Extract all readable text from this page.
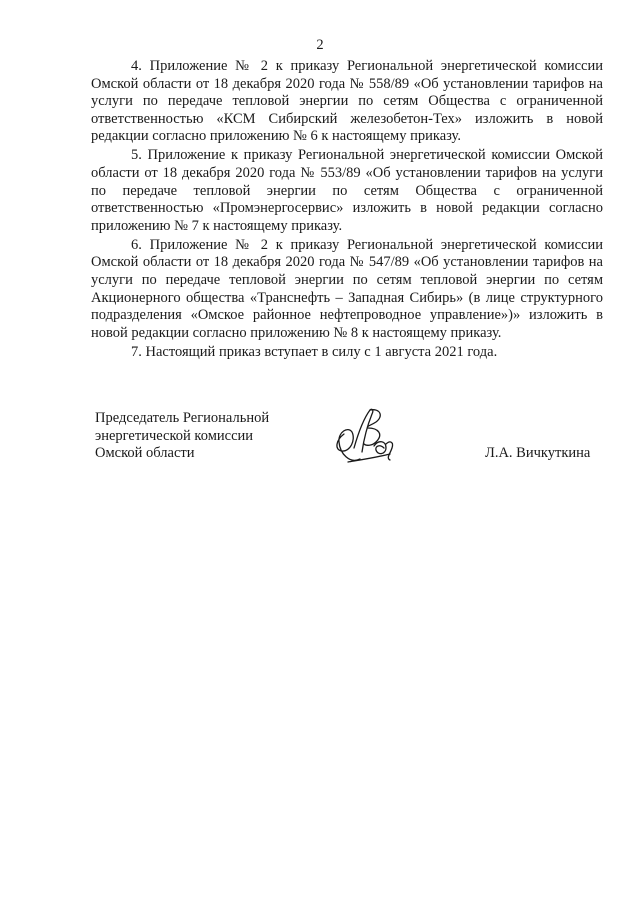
2

4. Приложение № 2 к приказу Региональной энергетической комиссии Омской области от 18 декабря 2020 года № 558/89 «Об установлении тарифов на услуги по передаче тепловой энергии по сетям Общества с ограниченной ответственностью «КСМ Сибирский железобетон-Тех» изложить в новой редакции согласно приложению № 6 к настоящему приказу.

5. Приложение к приказу Региональной энергетической комиссии Омской области от 18 декабря 2020 года № 553/89 «Об установлении тарифов на услуги по передаче тепловой энергии по сетям Общества с ограниченной ответственностью «Промэнергосервис» изложить в новой редакции согласно приложению № 7 к настоящему приказу.

6. Приложение № 2 к приказу Региональной энергетической комиссии Омской области от 18 декабря 2020 года № 547/89 «Об установлении тарифов на услуги по передаче тепловой энергии по сетям тепловой энергии по сетям Акционерного общества «Транснефть – Западная Сибирь» (в лице структурного подразделения «Омское районное нефтепроводное управление»)» изложить в новой редакции согласно приложению № 8 к настоящему приказу.

7. Настоящий приказ вступает в силу с 1 августа 2021 года.

Председатель Региональной
энергетической комиссии
Омской области	Л.А. Вичкуткина
